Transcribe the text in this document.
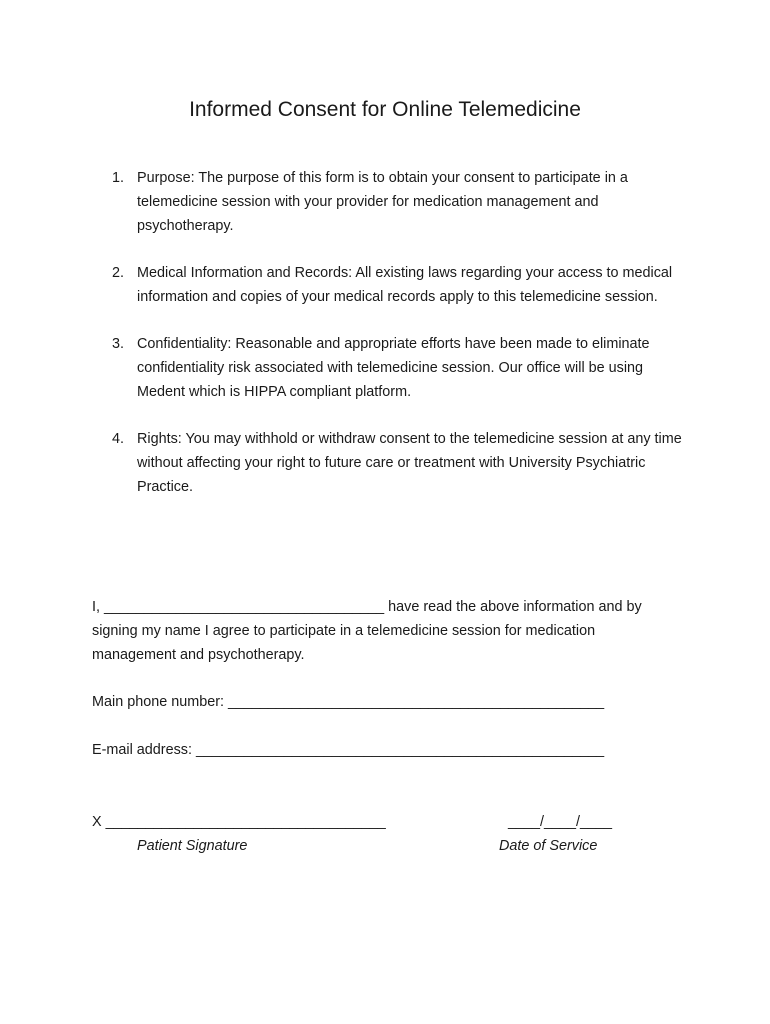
Informed Consent for Online Telemedicine
1. Purpose: The purpose of this form is to obtain your consent to participate in a telemedicine session with your provider for medication management and psychotherapy.
2. Medical Information and Records: All existing laws regarding your access to medical information and copies of your medical records apply to this telemedicine session.
3. Confidentiality: Reasonable and appropriate efforts have been made to eliminate confidentiality risk associated with telemedicine session. Our office will be using Medent which is HIPPA compliant platform.
4. Rights: You may withhold or withdraw consent to the telemedicine session at any time without affecting your right to future care or treatment with University Psychiatric Practice.
I, ___________________________________ have read the above information and by signing my name I agree to participate in a telemedicine session for medication management and psychotherapy.
Main phone number: _______________________________________________
E-mail address: ___________________________________________________
X ___________________________________	____/____/____
Patient Signature	Date of Service
